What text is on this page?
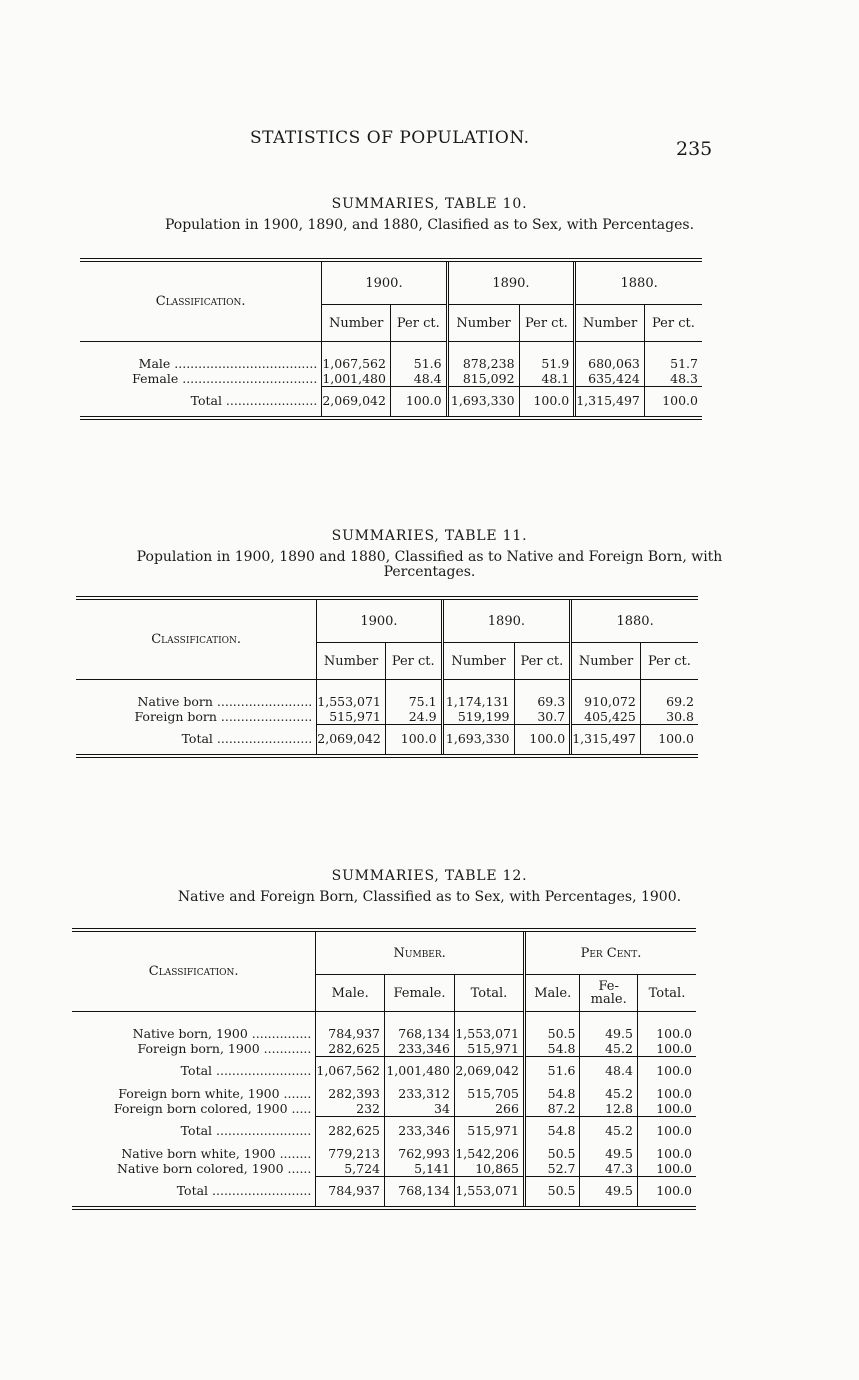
STATISTICS OF POPULATION.	235

SUMMARIES, TABLE 10.

Population in 1900, 1890, and 1880, Clasified as to Sex, with Percentages.

Classification.	1900.		1890.		1880.	
	Number	Per ct.	Number	Per ct.	Number	Per ct.
Male ....................................	1,067,562	51.6	878,238	51.9	680,063	51.7
Female ..................................	1,001,480	48.4	815,092	48.1	635,424	48.3
Total .......................	2,069,042	100.0	1,693,330	100.0	1,315,497	100.0

SUMMARIES, TABLE 11.

Population in 1900, 1890 and 1880, Classified as to Native and Foreign Born, with

Percentages.

Classification.	1900.		1890.		1880.	
	Number	Per ct.	Number	Per ct.	Number	Per ct.
Native born ........................	1,553,071	75.1	1,174,131	69.3	910,072	69.2
Foreign born .......................	515,971	24.9	519,199	30.7	405,425	30.8
Total ........................	2,069,042	100.0	1,693,330	100.0	1,315,497	100.0

SUMMARIES, TABLE 12.

Native and Foreign Born, Classified as to Sex, with Percentages, 1900.

Classification.	Number.			Per Cent.		
	Male.	Female.	Total.	Male.	Fe- male.	Total.
Native born, 1900 ...............	784,937	768,134	1,553,071	50.5	49.5	100.0
Foreign born, 1900 ............	282,625	233,346	515,971	54.8	45.2	100.0
Total ........................	1,067,562	1,001,480	2,069,042	51.6	48.4	100.0
Foreign born white, 1900 .......	282,393	233,312	515,705	54.8	45.2	100.0
Foreign born colored, 1900 .....	232	34	266	87.2	12.8	100.0
Total ........................	282,625	233,346	515,971	54.8	45.2	100.0
Native born white, 1900 ........	779,213	762,993	1,542,206	50.5	49.5	100.0
Native born colored, 1900 ......	5,724	5,141	10,865	52.7	47.3	100.0
Total .........................	784,937	768,134	1,553,071	50.5	49.5	100.0
